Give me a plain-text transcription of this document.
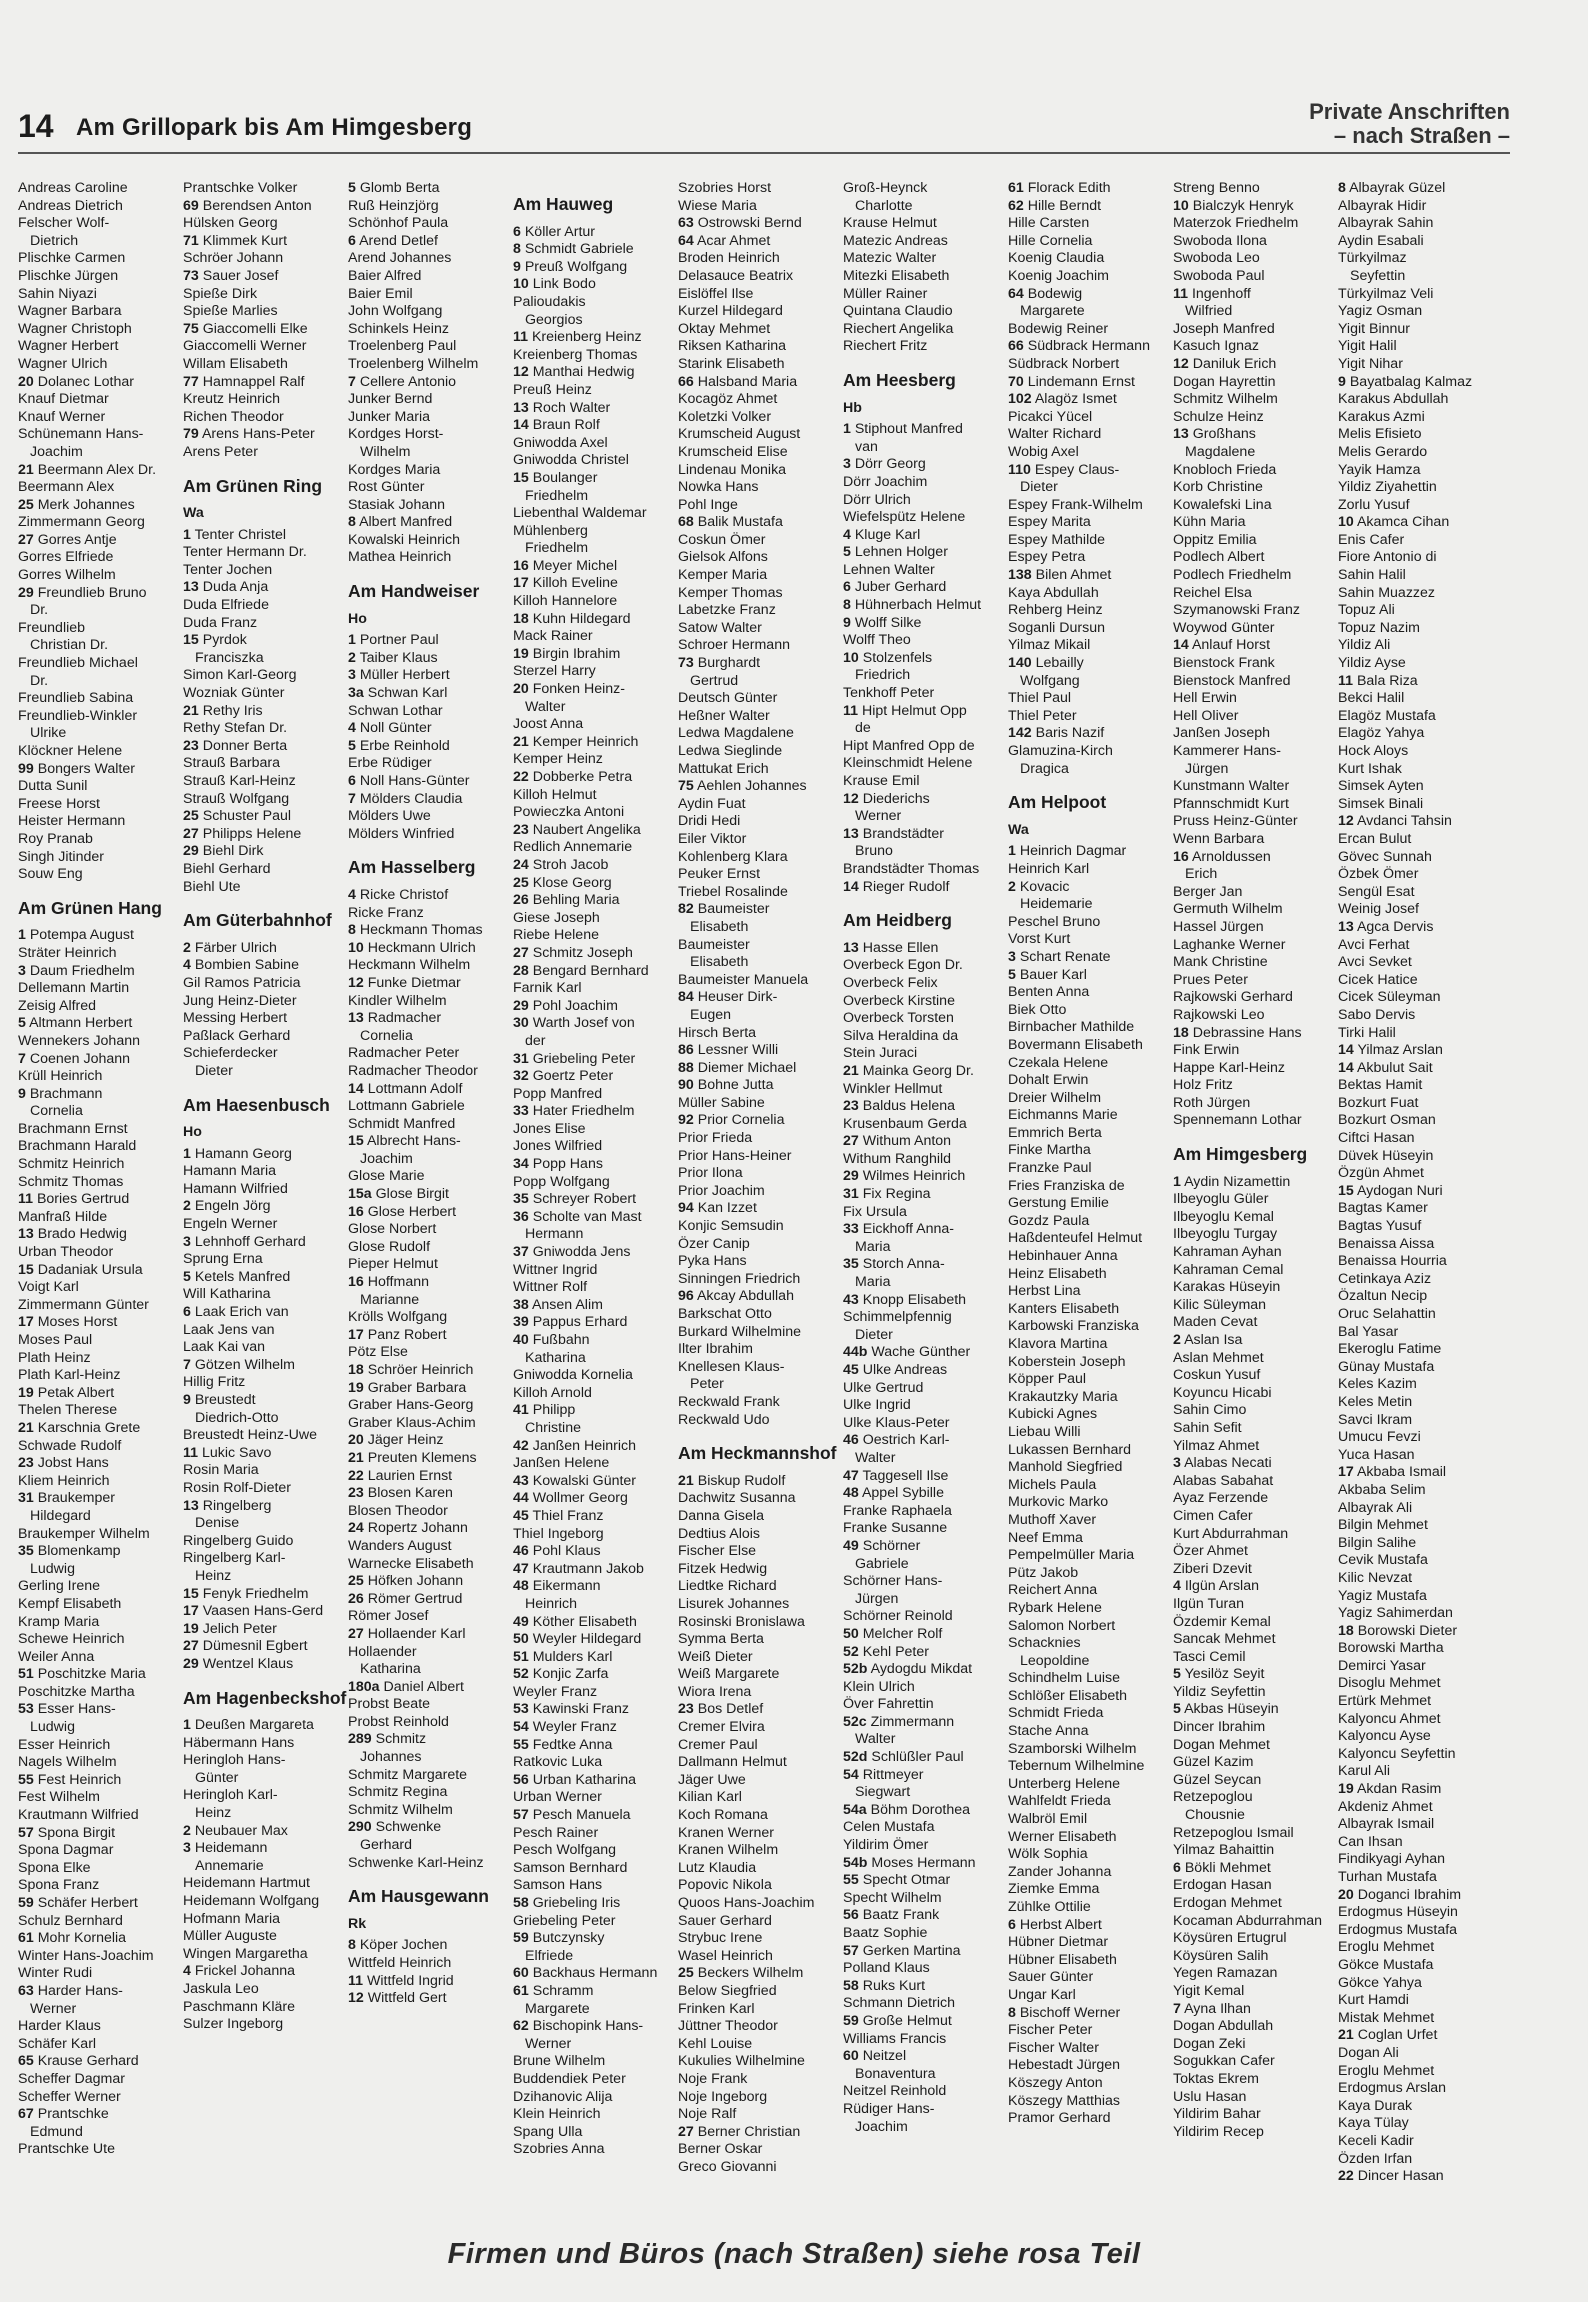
14 Am Grillopark bis Am Himgesberg
Private Anschriften
– nach Straßen –
Andreas Caroline
Andreas Dietrich
Felscher Wolf-
Dietrich
Plischke Carmen
Plischke Jürgen
Sahin Niyazi
Wagner Barbara
Wagner Christoph
Wagner Herbert
Wagner Ulrich
20 Dolanec Lothar
Knauf Dietmar
Knauf Werner
Schünemann Hans-
Joachim
21 Beermann Alex Dr.
Beermann Alex
25 Merk Johannes
Zimmermann Georg
27 Gorres Antje
Gorres Elfriede
Gorres Wilhelm
29 Freundlieb Bruno
Dr.
Freundlieb
Christian Dr.
Freundlieb Michael
Dr.
Freundlieb Sabina
Freundlieb-Winkler
Ulrike
Klöckner Helene
99 Bongers Walter
Dutta Sunil
Freese Horst
Heister Hermann
Roy Pranab
Singh Jitinder
Souw Eng
Am Grünen Hang
1 Potempa August
Sträter Heinrich
3 Daum Friedhelm
Dellemann Martin
Zeisig Alfred
5 Altmann Herbert
Wennekers Johann
7 Coenen Johann
Krüll Heinrich
9 Brachmann
Cornelia
Brachmann Ernst
Brachmann Harald
Schmitz Heinrich
Schmitz Thomas
11 Bories Gertrud
Manfraß Hilde
13 Brado Hedwig
Urban Theodor
15 Dadaniak Ursula
Voigt Karl
Zimmermann Günter
17 Moses Horst
Moses Paul
Plath Heinz
Plath Karl-Heinz
19 Petak Albert
Thelen Therese
21 Karschnia Grete
Schwade Rudolf
23 Jobst Hans
Kliem Heinrich
31 Braukemper
Hildegard
Braukemper Wilhelm
35 Blomenkamp
Ludwig
Gerling Irene
Kempf Elisabeth
Kramp Maria
Schewe Heinrich
Weiler Anna
51 Poschitzke Maria
Poschitzke Martha
53 Esser Hans-
Ludwig
Esser Heinrich
Nagels Wilhelm
55 Fest Heinrich
Fest Wilhelm
Krautmann Wilfried
57 Spona Birgit
Spona Dagmar
Spona Elke
Spona Franz
59 Schäfer Herbert
Schulz Bernhard
61 Mohr Kornelia
Winter Hans-Joachim
Winter Rudi
63 Harder Hans-
Werner
Harder Klaus
Schäfer Karl
65 Krause Gerhard
Scheffer Dagmar
Scheffer Werner
67 Prantschke
Edmund
Prantschke Ute
Prantschke Volker
69 Berendsen Anton
Hülsken Georg
71 Klimmek Kurt
Schröer Johann
73 Sauer Josef
Spieße Dirk
Spieße Marlies
75 Giaccomelli Elke
Giaccomelli Werner
Willam Elisabeth
77 Hamnappel Ralf
Kreutz Heinrich
Richen Theodor
79 Arens Hans-Peter
Arens Peter
Am Grünen Ring
Wa
1 Tenter Christel
Tenter Hermann Dr.
Tenter Jochen
13 Duda Anja
Duda Elfriede
Duda Franz
15 Pyrdok
Franciszka
Simon Karl-Georg
Wozniak Günter
21 Rethy Iris
Rethy Stefan Dr.
23 Donner Berta
Strauß Barbara
Strauß Karl-Heinz
Strauß Wolfgang
25 Schuster Paul
27 Philipps Helene
29 Biehl Dirk
Biehl Gerhard
Biehl Ute
Am Güterbahnhof
2 Färber Ulrich
4 Bombien Sabine
Gil Ramos Patricia
Jung Heinz-Dieter
Messing Herbert
Paßlack Gerhard
Schieferdecker
Dieter
Am Haesenbusch
Ho
1 Hamann Georg
Hamann Maria
Hamann Wilfried
2 Engeln Jörg
Engeln Werner
3 Lehnhoff Gerhard
Sprung Erna
5 Ketels Manfred
Will Katharina
6 Laak Erich van
Laak Jens van
Laak Kai van
7 Götzen Wilhelm
Hillig Fritz
9 Breustedt
Diedrich-Otto
Breustedt Heinz-Uwe
11 Lukic Savo
Rosin Maria
Rosin Rolf-Dieter
13 Ringelberg
Denise
Ringelberg Guido
Ringelberg Karl-
Heinz
15 Fenyk Friedhelm
17 Vaasen Hans-Gerd
19 Jelich Peter
27 Dümesnil Egbert
29 Wentzel Klaus
Am Hagenbeckshof
1 Deußen Margareta
Häbermann Hans
Heringloh Hans-
Günter
Heringloh Karl-
Heinz
2 Neubauer Max
3 Heidemann
Annemarie
Heidemann Hartmut
Heidemann Wolfgang
Hofmann Maria
Müller Auguste
Wingen Margaretha
4 Frickel Johanna
Jaskula Leo
Paschmann Kläre
Sulzer Ingeborg
5 Glomb Berta
Ruß Heinzjörg
Schönhof Paula
6 Arend Detlef
Arend Johannes
Baier Alfred
Baier Emil
John Wolfgang
Schinkels Heinz
Troelenberg Paul
Troelenberg Wilhelm
7 Cellere Antonio
Junker Bernd
Junker Maria
Kordges Horst-
Wilhelm
Kordges Maria
Rost Günter
Stasiak Johann
8 Albert Manfred
Kowalski Heinrich
Mathea Heinrich
Am Handweiser
Ho
1 Portner Paul
2 Taiber Klaus
3 Müller Herbert
3a Schwan Karl
Schwan Lothar
4 Noll Günter
5 Erbe Reinhold
Erbe Rüdiger
6 Noll Hans-Günter
7 Mölders Claudia
Mölders Uwe
Mölders Winfried
Am Hasselberg
4 Ricke Christof
Ricke Franz
8 Heckmann Thomas
10 Heckmann Ulrich
Heckmann Wilhelm
12 Funke Dietmar
Kindler Wilhelm
13 Radmacher
Cornelia
Radmacher Peter
Radmacher Theodor
14 Lottmann Adolf
Lottmann Gabriele
Schmidt Manfred
15 Albrecht Hans-
Joachim
Glose Marie
15a Glose Birgit
16 Glose Herbert
Glose Norbert
Glose Rudolf
Pieper Helmut
16 Hoffmann
Marianne
Krölls Wolfgang
17 Panz Robert
Pötz Else
18 Schröer Heinrich
19 Graber Barbara
Graber Hans-Georg
Graber Klaus-Achim
20 Jäger Heinz
21 Preuten Klemens
22 Laurien Ernst
23 Blosen Karen
Blosen Theodor
24 Ropertz Johann
Wanders August
Warnecke Elisabeth
25 Höfken Johann
26 Römer Gertrud
Römer Josef
27 Hollaender Karl
Hollaender
Katharina
180a Daniel Albert
Probst Beate
Probst Reinhold
289 Schmitz
Johannes
Schmitz Margarete
Schmitz Regina
Schmitz Wilhelm
290 Schwenke
Gerhard
Schwenke Karl-Heinz
Am Hausgewann
Rk
8 Köper Jochen
Wittfeld Heinrich
11 Wittfeld Ingrid
12 Wittfeld Gert
Am Hauweg
6 Köller Artur
8 Schmidt Gabriele
9 Preuß Wolfgang
10 Link Bodo
Palioudakis
Georgios
11 Kreienberg Heinz
Kreienberg Thomas
12 Manthai Hedwig
Preuß Heinz
13 Roch Walter
14 Braun Rolf
Gniwodda Axel
Gniwodda Christel
15 Boulanger
Friedhelm
Liebenthal Waldemar
Mühlenberg
Friedhelm
16 Meyer Michel
17 Killoh Eveline
Killoh Hannelore
18 Kuhn Hildegard
Mack Rainer
19 Birgin Ibrahim
Sterzel Harry
20 Fonken Heinz-
Walter
Joost Anna
21 Kemper Heinrich
Kemper Heinz
22 Dobberke Petra
Killoh Helmut
Powieczka Antoni
23 Naubert Angelika
Redlich Annemarie
24 Stroh Jacob
25 Klose Georg
26 Behling Maria
Giese Joseph
Riebe Helene
27 Schmitz Joseph
28 Bengard Bernhard
Farnik Karl
29 Pohl Joachim
30 Warth Josef von
der
31 Griebeling Peter
32 Goertz Peter
Popp Manfred
33 Hater Friedhelm
Jones Elise
Jones Wilfried
34 Popp Hans
Popp Wolfgang
35 Schreyer Robert
36 Scholte van Mast
Hermann
37 Gniwodda Jens
Wittner Ingrid
Wittner Rolf
38 Ansen Alim
39 Pappus Erhard
40 Fußbahn
Katharina
Gniwodda Kornelia
Killoh Arnold
41 Philipp
Christine
42 Janßen Heinrich
Janßen Helene
43 Kowalski Günter
44 Wollmer Georg
45 Thiel Franz
Thiel Ingeborg
46 Pohl Klaus
47 Krautmann Jakob
48 Eikermann
Heinrich
49 Köther Elisabeth
50 Weyler Hildegard
51 Mulders Karl
52 Konjic Zarfa
Weyler Franz
53 Kawinski Franz
54 Weyler Franz
55 Fedtke Anna
Ratkovic Luka
56 Urban Katharina
Urban Werner
57 Pesch Manuela
Pesch Rainer
Pesch Wolfgang
Samson Bernhard
Samson Hans
58 Griebeling Iris
Griebeling Peter
59 Butczynsky
Elfriede
60 Backhaus Hermann
61 Schramm
Margarete
62 Bischopink Hans-
Werner
Brune Wilhelm
Buddendiek Peter
Dzihanovic Alija
Klein Heinrich
Spang Ulla
Szobries Anna
Szobries Horst
Wiese Maria
63 Ostrowski Bernd
64 Acar Ahmet
Broden Heinrich
Delasauce Beatrix
Eislöffel Ilse
Kurzel Hildegard
Oktay Mehmet
Riksen Katharina
Starink Elisabeth
66 Halsband Maria
Kocagöz Ahmet
Koletzki Volker
Krumscheid August
Krumscheid Elise
Lindenau Monika
Nowka Hans
Pohl Inge
68 Balik Mustafa
Coskun Ömer
Gielsok Alfons
Kemper Maria
Kemper Thomas
Labetzke Franz
Satow Walter
Schroer Hermann
73 Burghardt
Gertrud
Deutsch Günter
Heßner Walter
Ledwa Magdalene
Ledwa Sieglinde
Mattukat Erich
75 Aehlen Johannes
Aydin Fuat
Dridi Hedi
Eiler Viktor
Kohlenberg Klara
Peuker Ernst
Triebel Rosalinde
82 Baumeister
Elisabeth
Baumeister
Elisabeth
Baumeister Manuela
84 Heuser Dirk-
Eugen
Hirsch Berta
86 Lessner Willi
88 Diemer Michael
90 Bohne Jutta
Müller Sabine
92 Prior Cornelia
Prior Frieda
Prior Hans-Heiner
Prior Ilona
Prior Joachim
94 Kan Izzet
Konjic Semsudin
Özer Canip
Pyka Hans
Sinningen Friedrich
96 Akcay Abdullah
Barkschat Otto
Burkard Wilhelmine
Ilter Ibrahim
Knellesen Klaus-
Peter
Reckwald Frank
Reckwald Udo
Am Heckmannshof
21 Biskup Rudolf
Dachwitz Susanna
Danna Gisela
Dedtius Alois
Fischer Else
Fitzek Hedwig
Liedtke Richard
Lisurek Johannes
Rosinski Bronislawa
Symma Berta
Weiß Dieter
Weiß Margarete
Wiora Irena
23 Bos Detlef
Cremer Elvira
Cremer Paul
Dallmann Helmut
Jäger Uwe
Kilian Karl
Koch Romana
Kranen Werner
Kranen Wilhelm
Lutz Klaudia
Popovic Nikola
Quoos Hans-Joachim
Sauer Gerhard
Strybuc Irene
Wasel Heinrich
25 Beckers Wilhelm
Below Siegfried
Frinken Karl
Jüttner Theodor
Kehl Louise
Kukulies Wilhelmine
Noje Frank
Noje Ingeborg
Noje Ralf
27 Berner Christian
Berner Oskar
Greco Giovanni
Groß-Heynck
Charlotte
Krause Helmut
Matezic Andreas
Matezic Walter
Mitezki Elisabeth
Müller Rainer
Quintana Claudio
Riechert Angelika
Riechert Fritz
Am Heesberg
Hb
1 Stiphout Manfred
van
3 Dörr Georg
Dörr Joachim
Dörr Ulrich
Wiefelspütz Helene
4 Kluge Karl
5 Lehnen Holger
Lehnen Walter
6 Juber Gerhard
8 Hühnerbach Helmut
9 Wolff Silke
Wolff Theo
10 Stolzenfels
Friedrich
Tenkhoff Peter
11 Hipt Helmut Opp
de
Hipt Manfred Opp de
Kleinschmidt Helene
Krause Emil
12 Diederichs
Werner
13 Brandstädter
Bruno
Brandstädter Thomas
14 Rieger Rudolf
Am Heidberg
13 Hasse Ellen
Overbeck Egon Dr.
Overbeck Felix
Overbeck Kirstine
Overbeck Torsten
Silva Heraldina da
Stein Juraci
21 Mainka Georg Dr.
Winkler Hellmut
23 Baldus Helena
Krusenbaum Gerda
27 Withum Anton
Withum Ranghild
29 Wilmes Heinrich
31 Fix Regina
Fix Ursula
33 Eickhoff Anna-
Maria
35 Storch Anna-
Maria
43 Knopp Elisabeth
Schimmelpfennig
Dieter
44b Wache Günther
45 Ulke Andreas
Ulke Gertrud
Ulke Ingrid
Ulke Klaus-Peter
46 Oestrich Karl-
Walter
47 Taggesell Ilse
48 Appel Sybille
Franke Raphaela
Franke Susanne
49 Schörner
Gabriele
Schörner Hans-
Jürgen
Schörner Reinold
50 Melcher Rolf
52 Kehl Peter
52b Aydogdu Mikdat
Klein Ulrich
Över Fahrettin
52c Zimmermann
Walter
52d Schlüßler Paul
54 Rittmeyer
Siegwart
54a Böhm Dorothea
Celen Mustafa
Yildirim Ömer
54b Moses Hermann
55 Specht Otmar
Specht Wilhelm
56 Baatz Frank
Baatz Sophie
57 Gerken Martina
Polland Klaus
58 Ruks Kurt
Schmann Dietrich
59 Große Helmut
Williams Francis
60 Neitzel
Bonaventura
Neitzel Reinhold
Rüdiger Hans-
Joachim
61 Florack Edith
62 Hille Berndt
Hille Carsten
Hille Cornelia
Koenig Claudia
Koenig Joachim
64 Bodewig
Margarete
Bodewig Reiner
66 Südbrack Hermann
Südbrack Norbert
70 Lindemann Ernst
102 Alagöz Ismet
Picakci Yücel
Walter Richard
Wobig Axel
110 Espey Claus-
Dieter
Espey Frank-Wilhelm
Espey Marita
Espey Mathilde
Espey Petra
138 Bilen Ahmet
Kaya Abdullah
Rehberg Heinz
Soganli Dursun
Yilmaz Mikail
140 Lebailly
Wolfgang
Thiel Paul
Thiel Peter
142 Baris Nazif
Glamuzina-Kirch
Dragica
Am Helpoot
Wa
1 Heinrich Dagmar
Heinrich Karl
2 Kovacic
Heidemarie
Peschel Bruno
Vorst Kurt
3 Schart Renate
5 Bauer Karl
Benten Anna
Biek Otto
Birnbacher Mathilde
Bovermann Elisabeth
Czekala Helene
Dohalt Erwin
Dreier Wilhelm
Eichmanns Marie
Emmrich Berta
Finke Martha
Franzke Paul
Fries Franziska de
Gerstung Emilie
Gozdz Paula
Haßdenteufel Helmut
Hebinhauer Anna
Heinz Elisabeth
Herbst Lina
Kanters Elisabeth
Karbowski Franziska
Klavora Martina
Koberstein Joseph
Köpper Paul
Krakautzky Maria
Kubicki Agnes
Liebau Willi
Lukassen Bernhard
Manhold Siegfried
Michels Paula
Murkovic Marko
Muthoff Xaver
Neef Emma
Pempelmüller Maria
Pütz Jakob
Reichert Anna
Rybark Helene
Salomon Norbert
Schacknies
Leopoldine
Schindhelm Luise
Schlößer Elisabeth
Schmidt Frieda
Stache Anna
Szamborski Wilhelm
Tebernum Wilhelmine
Unterberg Helene
Wahlfeldt Frieda
Walbröl Emil
Werner Elisabeth
Wölk Sophia
Zander Johanna
Ziemke Emma
Zühlke Ottilie
6 Herbst Albert
Hübner Dietmar
Hübner Elisabeth
Sauer Günter
Ungar Karl
8 Bischoff Werner
Fischer Peter
Fischer Walter
Hebestadt Jürgen
Köszegy Anton
Köszegy Matthias
Pramor Gerhard
Streng Benno
10 Bialczyk Henryk
Materzok Friedhelm
Swoboda Ilona
Swoboda Leo
Swoboda Paul
11 Ingenhoff
Wilfried
Joseph Manfred
Kasuch Ignaz
12 Daniluk Erich
Dogan Hayrettin
Schmitz Wilhelm
Schulze Heinz
13 Großhans
Magdalene
Knobloch Frieda
Korb Christine
Kowalefski Lina
Kühn Maria
Oppitz Emilia
Podlech Albert
Podlech Friedhelm
Reichel Elsa
Szymanowski Franz
Woywod Günter
14 Anlauf Horst
Bienstock Frank
Bienstock Manfred
Hell Erwin
Hell Oliver
Janßen Joseph
Kammerer Hans-
Jürgen
Kunstmann Walter
Pfannschmidt Kurt
Pruss Heinz-Günter
Wenn Barbara
16 Arnoldussen
Erich
Berger Jan
Germuth Wilhelm
Hassel Jürgen
Laghanke Werner
Mank Christine
Prues Peter
Rajkowski Gerhard
Rajkowski Leo
18 Debrassine Hans
Fink Erwin
Happe Karl-Heinz
Holz Fritz
Roth Jürgen
Spennemann Lothar
Am Himgesberg
1 Aydin Nizamettin
Ilbeyoglu Güler
Ilbeyoglu Kemal
Ilbeyoglu Turgay
Kahraman Ayhan
Kahraman Cemal
Karakas Hüseyin
Kilic Süleyman
Maden Cevat
2 Aslan Isa
Aslan Mehmet
Coskun Yusuf
Koyuncu Hicabi
Sahin Cimo
Sahin Sefit
Yilmaz Ahmet
3 Alabas Necati
Alabas Sabahat
Ayaz Ferzende
Cimen Cafer
Kurt Abdurrahman
Özer Ahmet
Ziberi Dzevit
4 Ilgün Arslan
Ilgün Turan
Özdemir Kemal
Sancak Mehmet
Tasci Cemil
5 Yesilöz Seyit
Yildiz Seyfettin
5 Akbas Hüseyin
Dincer Ibrahim
Dogan Mehmet
Güzel Kazim
Güzel Seycan
Retzepoglou
Chousnie
Retzepoglou Ismail
Yilmaz Bahaittin
6 Bökli Mehmet
Erdogan Hasan
Erdogan Mehmet
Kocaman Abdurrahman
Köysüren Ertugrul
Köysüren Salih
Yegen Ramazan
Yigit Kemal
7 Ayna Ilhan
Dogan Abdullah
Dogan Zeki
Sogukkan Cafer
Toktas Ekrem
Uslu Hasan
Yildirim Bahar
Yildirim Recep
8 Albayrak Güzel
Albayrak Hidir
Albayrak Sahin
Aydin Esabali
Türkyilmaz
Seyfettin
Türkyilmaz Veli
Yagiz Osman
Yigit Binnur
Yigit Halil
Yigit Nihar
9 Bayatbalag Kalmaz
Karakus Abdullah
Karakus Azmi
Melis Efisieto
Melis Gerardo
Yayik Hamza
Yildiz Ziyahettin
Zorlu Yusuf
10 Akamca Cihan
Enis Cafer
Fiore Antonio di
Sahin Halil
Sahin Muazzez
Topuz Ali
Topuz Nazim
Yildiz Ali
Yildiz Ayse
11 Bala Riza
Bekci Halil
Elagöz Mustafa
Elagöz Yahya
Hock Aloys
Kurt Ishak
Simsek Ayten
Simsek Binali
12 Avdanci Tahsin
Ercan Bulut
Gövec Sunnah
Özbek Ömer
Sengül Esat
Weinig Josef
13 Agca Dervis
Avci Ferhat
Avci Sevket
Cicek Hatice
Cicek Süleyman
Sabo Dervis
Tirki Halil
14 Yilmaz Arslan
14 Akbulut Sait
Bektas Hamit
Bozkurt Fuat
Bozkurt Osman
Ciftci Hasan
Düvek Hüseyin
Özgün Ahmet
15 Aydogan Nuri
Bagtas Kamer
Bagtas Yusuf
Benaissa Aissa
Benaissa Hourria
Cetinkaya Aziz
Özaltun Necip
Oruc Selahattin
Bal Yasar
Ekeroglu Fatime
Günay Mustafa
Keles Kazim
Keles Metin
Savci Ikram
Umucu Fevzi
Yuca Hasan
17 Akbaba Ismail
Akbaba Selim
Albayrak Ali
Bilgin Mehmet
Bilgin Salihe
Cevik Mustafa
Kilic Nevzat
Yagiz Mustafa
Yagiz Sahimerdan
18 Borowski Dieter
Borowski Martha
Demirci Yasar
Disoglu Mehmet
Ertürk Mehmet
Kalyoncu Ahmet
Kalyoncu Ayse
Kalyoncu Seyfettin
Karul Ali
19 Akdan Rasim
Akdeniz Ahmet
Albayrak Ismail
Can Ihsan
Findikyagi Ayhan
Turhan Mustafa
20 Doganci Ibrahim
Erdogmus Hüseyin
Erdogmus Mustafa
Eroglu Mehmet
Gökce Mustafa
Gökce Yahya
Kurt Hamdi
Mistak Mehmet
21 Coglan Urfet
Dogan Ali
Eroglu Mehmet
Erdogmus Arslan
Kaya Durak
Kaya Tülay
Keceli Kadir
Özden Irfan
22 Dincer Hasan
Firmen und Büros (nach Straßen) siehe rosa Teil
